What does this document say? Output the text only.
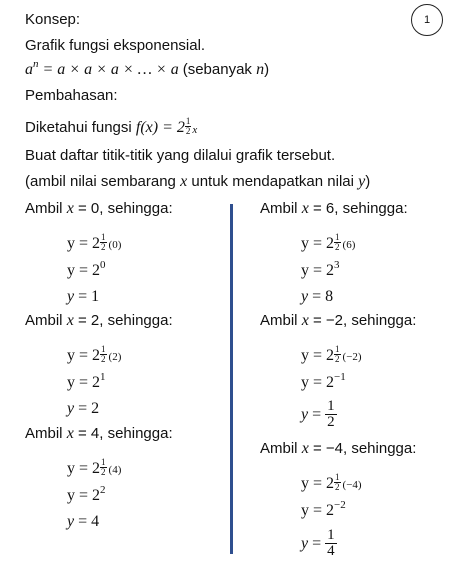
1
Konsep:
Grafik fungsi eksponensial.
$a^n = a \times a \times a$ × … × a (sebanyak n)
Pembahasan:
Diketahui fungsi $f(x) = 2 \frac{1}{2}$ x
Buat daftar titik-titik yang dilalui grafik tersebut.
(ambil nilai sembarang x untuk mendapatkan nilai y)
Ambil x = 0, sehingga:
$y = 2 \frac{1}{2} (0)$
$y = 2^0$
y = 1
Ambil x = 2, sehingga:
$y = 2 \frac{1}{2} (2)$
$y = 2^1$
y = 2
Ambil x = 4, sehingga:
$y = 2 \frac{1}{2} (4)$
$y = 2^2$
y = 4
Ambil x = 6, sehingga:
$y = 2 \frac{1}{2} (6)$
$y = 2^3$
y = 8
Ambil x = −2, sehingga:
$y = 2 \frac{1}{2} (-2)$
$y = 2^{-1}$
$y = \frac{1}{2}$
Ambil x = −4, sehingga:
$y = 2 \frac{1}{2} (-4)$
$y = 2^{-2}$
$y = \frac{1}{4}$
